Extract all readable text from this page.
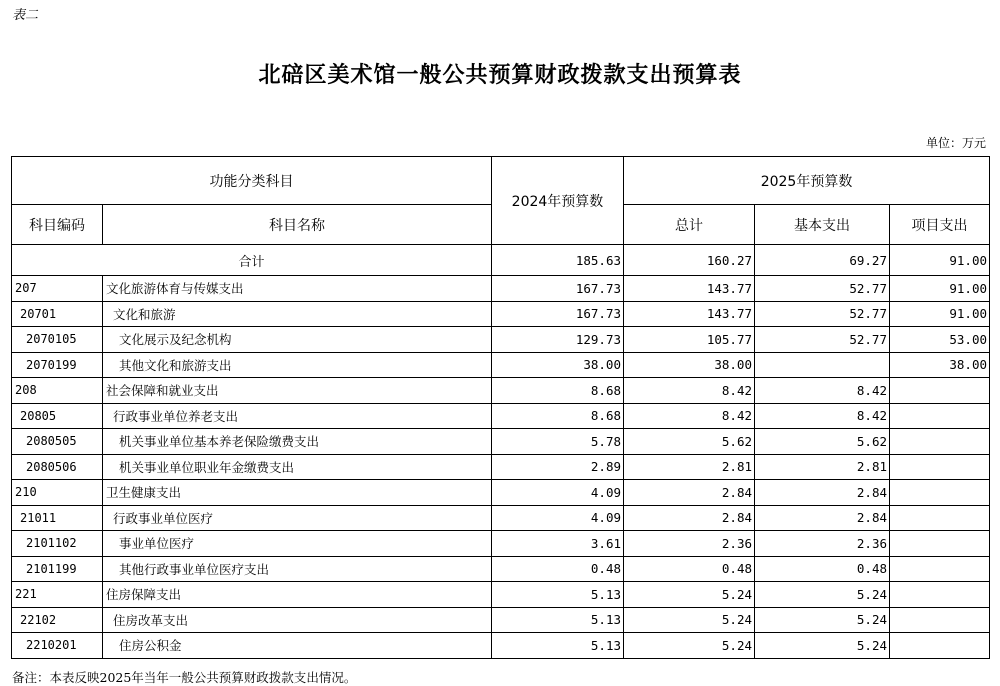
表二
北碚区美术馆一般公共预算财政拨款支出预算表
单位：万元
功能分类科目		2024年预算数	2025年预算数		
科目编码	科目名称		总计	基本支出	项目支出
合计		185.63	160.27	69.27	91.00
207	文化旅游体育与传媒支出	167.73	143.77	52.77	91.00
20701	文化和旅游	167.73	143.77	52.77	91.00
2070105	文化展示及纪念机构	129.73	105.77	52.77	53.00
2070199	其他文化和旅游支出	38.00	38.00		38.00
208	社会保障和就业支出	8.68	8.42	8.42	
20805	行政事业单位养老支出	8.68	8.42	8.42	
2080505	机关事业单位基本养老保险缴费支出	5.78	5.62	5.62	
2080506	机关事业单位职业年金缴费支出	2.89	2.81	2.81	
210	卫生健康支出	4.09	2.84	2.84	
21011	行政事业单位医疗	4.09	2.84	2.84	
2101102	事业单位医疗	3.61	2.36	2.36	
2101199	其他行政事业单位医疗支出	0.48	0.48	0.48	
221	住房保障支出	5.13	5.24	5.24	
22102	住房改革支出	5.13	5.24	5.24	
2210201	住房公积金	5.13	5.24	5.24	
备注：本表反映2025年当年一般公共预算财政拨款支出情况。
